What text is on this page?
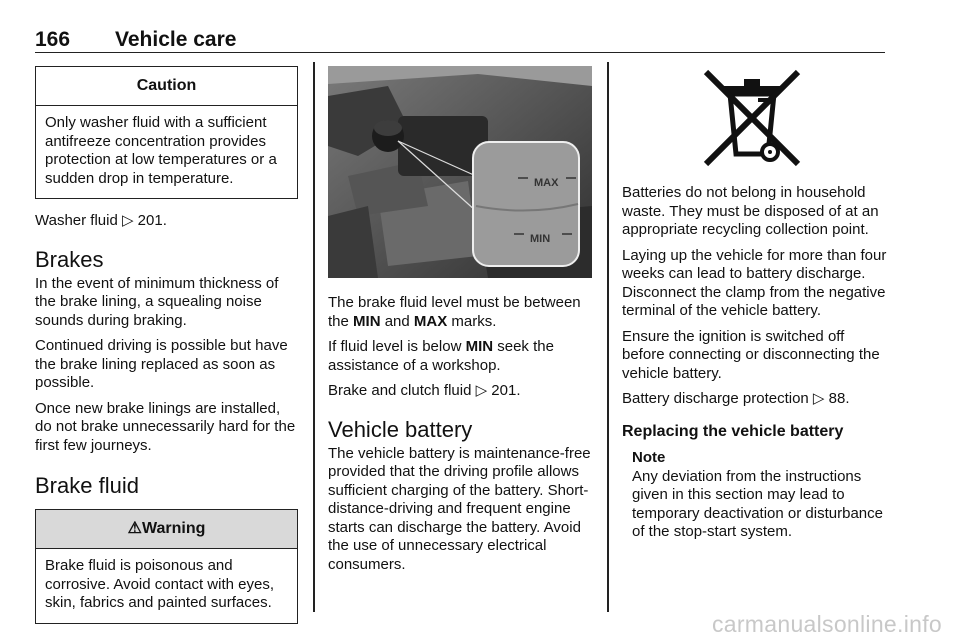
166 Vehicle care
Caution
Only washer fluid with a sufficient antifreeze concentration provides protection at low temperatures or a sudden drop in temperature.

Washer fluid ▷ 201.

Brakes

In the event of minimum thickness of the brake lining, a squealing noise sounds during braking.

Continued driving is possible but have the brake lining replaced as soon as possible.

Once new brake linings are installed, do not brake unnecessarily hard for the first few journeys.

Brake fluid
⚠Warning
Brake fluid is poisonous and corrosive. Avoid contact with eyes, skin, fabrics and painted surfaces.
MAX
MIN

The brake fluid level must be between the MIN and MAX marks.

If fluid level is below MIN seek the assistance of a workshop.

Brake and clutch fluid ▷ 201.

Vehicle battery

The vehicle battery is maintenance-free provided that the driving profile allows sufficient charging of the battery. Short-distance-driving and frequent engine starts can discharge the battery. Avoid the use of unnecessary electrical consumers.

Batteries do not belong in household waste. They must be disposed of at an appropriate recycling collection point.

Laying up the vehicle for more than four weeks can lead to battery discharge. Disconnect the clamp from the negative terminal of the vehicle battery.

Ensure the ignition is switched off before connecting or disconnecting the vehicle battery.

Battery discharge protection ▷ 88.

Replacing the vehicle battery
Note
Any deviation from the instructions given in this section may lead to temporary deactivation or disturbance of the stop-start system.
carmanualsonline.info
